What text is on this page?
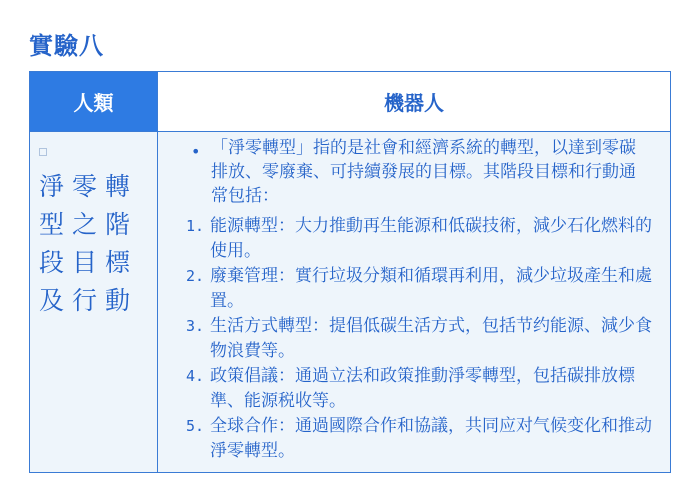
實驗八
人類	機器人
淨零轉型之階段目標及行動
• 「淨零轉型」指的是社會和經濟系統的轉型，以達到零碳排放、零廢棄、可持續發展的目標。其階段目標和行動通常包括：
1. 能源轉型：大力推動再生能源和低碳技術，減少石化燃料的使用。
2. 廢棄管理：實行垃圾分類和循環再利用，減少垃圾產生和處置。
3. 生活方式轉型：提倡低碳生活方式，包括节约能源、減少食物浪費等。
4. 政策倡議：通過立法和政策推動淨零轉型，包括碳排放標準、能源税收等。
5. 全球合作：通過國際合作和協議，共同应对气候变化和推动淨零轉型。
